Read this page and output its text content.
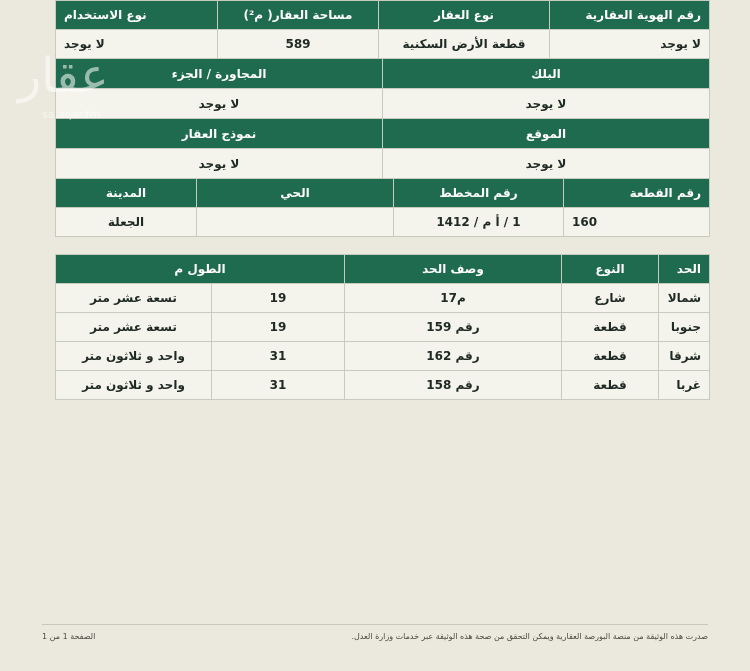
رقم الهوية العقارية	نوع العقار	مساحة العقار( م²)	نوع الاستخدام
لا يوجد	قطعة الأرض السكنية	589	لا يوجد
البلك	المجاورة / الجزء
لا يوجد	لا يوجد
الموقع	نموذج العقار
لا يوجد	لا يوجد
رقم القطعة	رقم المخطط	الحي	المدينة
160	1 / أ م / 1412		الجعلة
الحد	النوع	وصف الحد	الطول م	
شمالا	شارع	م17	19	تسعة عشر متر
جنوبا	قطعة	رقم 159	19	تسعة عشر متر
شرقا	قطعة	رقم 162	31	واحد و ثلاثون متر
غربا	قطعة	رقم 158	31	واحد و ثلاثون متر
عقار
sa.aqar.fm
صدرت هذه الوثيقة من منصة البورصة العقارية ويمكن التحقق من صحة هذه الوثيقة عبر خدمات وزارة العدل.
الصفحة 1 من 1
